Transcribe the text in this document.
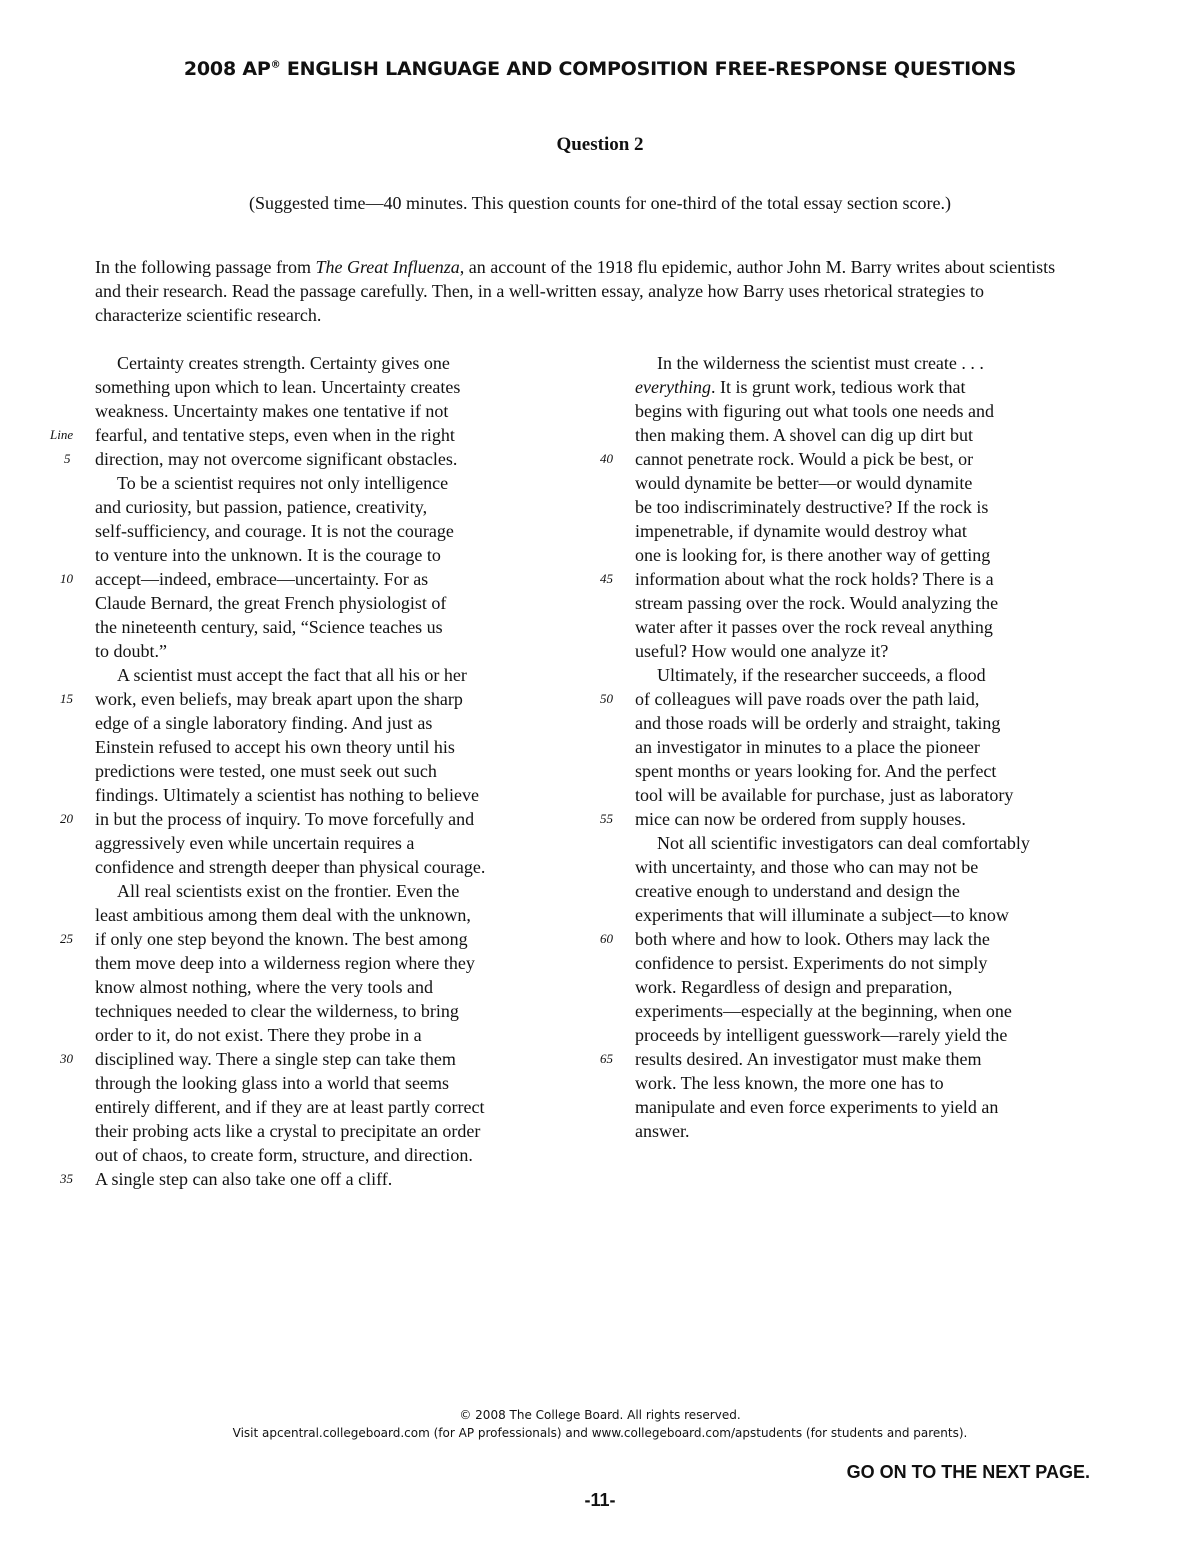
2008 AP® ENGLISH LANGUAGE AND COMPOSITION FREE-RESPONSE QUESTIONS
Question 2
(Suggested time—40 minutes. This question counts for one-third of the total essay section score.)
In the following passage from The Great Influenza, an account of the 1918 flu epidemic, author John M. Barry writes about scientists and their research. Read the passage carefully. Then, in a well-written essay, analyze how Barry uses rhetorical strategies to characterize scientific research.
Certainty creates strength. Certainty gives one
something upon which to lean. Uncertainty creates
weakness. Uncertainty makes one tentative if not
fearful, and tentative steps, even when in the right
direction, may not overcome significant obstacles.
To be a scientist requires not only intelligence
and curiosity, but passion, patience, creativity,
self-sufficiency, and courage. It is not the courage
to venture into the unknown. It is the courage to
accept—indeed, embrace—uncertainty. For as
Claude Bernard, the great French physiologist of
the nineteenth century, said, “Science teaches us
to doubt.”
A scientist must accept the fact that all his or her
work, even beliefs, may break apart upon the sharp
edge of a single laboratory finding. And just as
Einstein refused to accept his own theory until his
predictions were tested, one must seek out such
findings. Ultimately a scientist has nothing to believe
in but the process of inquiry. To move forcefully and
aggressively even while uncertain requires a
confidence and strength deeper than physical courage.
All real scientists exist on the frontier. Even the
least ambitious among them deal with the unknown,
if only one step beyond the known. The best among
them move deep into a wilderness region where they
know almost nothing, where the very tools and
techniques needed to clear the wilderness, to bring
order to it, do not exist. There they probe in a
disciplined way. There a single step can take them
through the looking glass into a world that seems
entirely different, and if they are at least partly correct
their probing acts like a crystal to precipitate an order
out of chaos, to create form, structure, and direction.
A single step can also take one off a cliff.
Line
5
10
15
20
25
30
35
In the wilderness the scientist must create . . .
everything. It is grunt work, tedious work that
begins with figuring out what tools one needs and
then making them. A shovel can dig up dirt but
cannot penetrate rock. Would a pick be best, or
would dynamite be better—or would dynamite
be too indiscriminately destructive? If the rock is
impenetrable, if dynamite would destroy what
one is looking for, is there another way of getting
information about what the rock holds? There is a
stream passing over the rock. Would analyzing the
water after it passes over the rock reveal anything
useful? How would one analyze it?
Ultimately, if the researcher succeeds, a flood
of colleagues will pave roads over the path laid,
and those roads will be orderly and straight, taking
an investigator in minutes to a place the pioneer
spent months or years looking for. And the perfect
tool will be available for purchase, just as laboratory
mice can now be ordered from supply houses.
Not all scientific investigators can deal comfortably
with uncertainty, and those who can may not be
creative enough to understand and design the
experiments that will illuminate a subject—to know
both where and how to look. Others may lack the
confidence to persist. Experiments do not simply
work. Regardless of design and preparation,
experiments—especially at the beginning, when one
proceeds by intelligent guesswork—rarely yield the
results desired. An investigator must make them
work. The less known, the more one has to
manipulate and even force experiments to yield an
answer.
40
45
50
55
60
65
© 2008 The College Board. All rights reserved.
Visit apcentral.collegeboard.com (for AP professionals) and www.collegeboard.com/apstudents (for students and parents).
GO ON TO THE NEXT PAGE.
-11-
